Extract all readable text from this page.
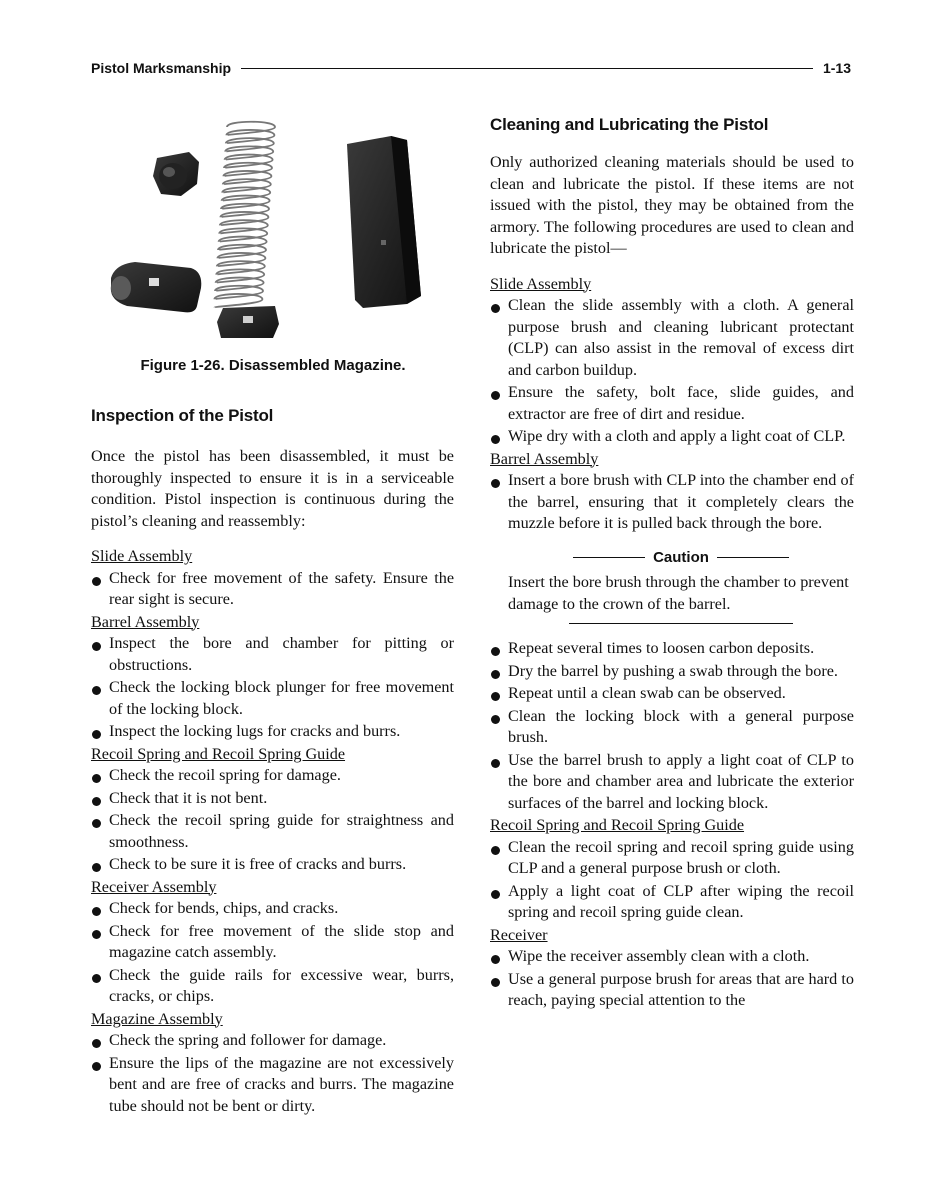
Pistol Marksmanship	1-13
Figure 1-26. Disassembled Magazine.
Inspection of the Pistol

Once the pistol has been disassembled, it must be thoroughly inspected to ensure it is in a serviceable condition. Pistol inspection is continuous during the pistol’s cleaning and reassembly:

Slide Assembly
Check for free movement of the safety. Ensure the rear sight is secure.
Barrel Assembly
Inspect the bore and chamber for pitting or obstructions.
Check the locking block plunger for free movement of the locking block.
Inspect the locking lugs for cracks and burrs.
Recoil Spring and Recoil Spring Guide
Check the recoil spring for damage.
Check that it is not bent.
Check the recoil spring guide for straightness and smoothness.
Check to be sure it is free of cracks and burrs.
Receiver Assembly
Check for bends, chips, and cracks.
Check for free movement of the slide stop and magazine catch assembly.
Check the guide rails for excessive wear, burrs, cracks, or chips.
Magazine Assembly
Check the spring and follower for damage.
Ensure the lips of the magazine are not excessively bent and are free of cracks and burrs. The magazine tube should not be bent or dirty.
Cleaning and Lubricating the Pistol

Only authorized cleaning materials should be used to clean and lubricate the pistol. If these items are not issued with the pistol, they may be obtained from the armory. The following procedures are used to clean and lubricate the pistol—

Slide Assembly
Clean the slide assembly with a cloth. A general purpose brush and cleaning lubricant protectant (CLP) can also assist in the removal of excess dirt and carbon buildup.
Ensure the safety, bolt face, slide guides, and extractor are free of dirt and residue.
Wipe dry with a cloth and apply a light coat of CLP.
Barrel Assembly
Insert a bore brush with CLP into the chamber end of the barrel, ensuring that it completely clears the muzzle before it is pulled back through the bore.
Caution
Insert the bore brush through the chamber to prevent damage to the crown of the barrel.
Repeat several times to loosen carbon deposits.
Dry the barrel by pushing a swab through the bore.
Repeat until a clean swab can be observed.
Clean the locking block with a general purpose brush.
Use the barrel brush to apply a light coat of CLP to the bore and chamber area and lubricate the exterior surfaces of the barrel and locking block.
Recoil Spring and Recoil Spring Guide
Clean the recoil spring and recoil spring guide using CLP and a general purpose brush or cloth.
Apply a light coat of CLP after wiping the recoil spring and recoil spring guide clean.
Receiver
Wipe the receiver assembly clean with a cloth.
Use a general purpose brush for areas that are hard to reach, paying special attention to the
